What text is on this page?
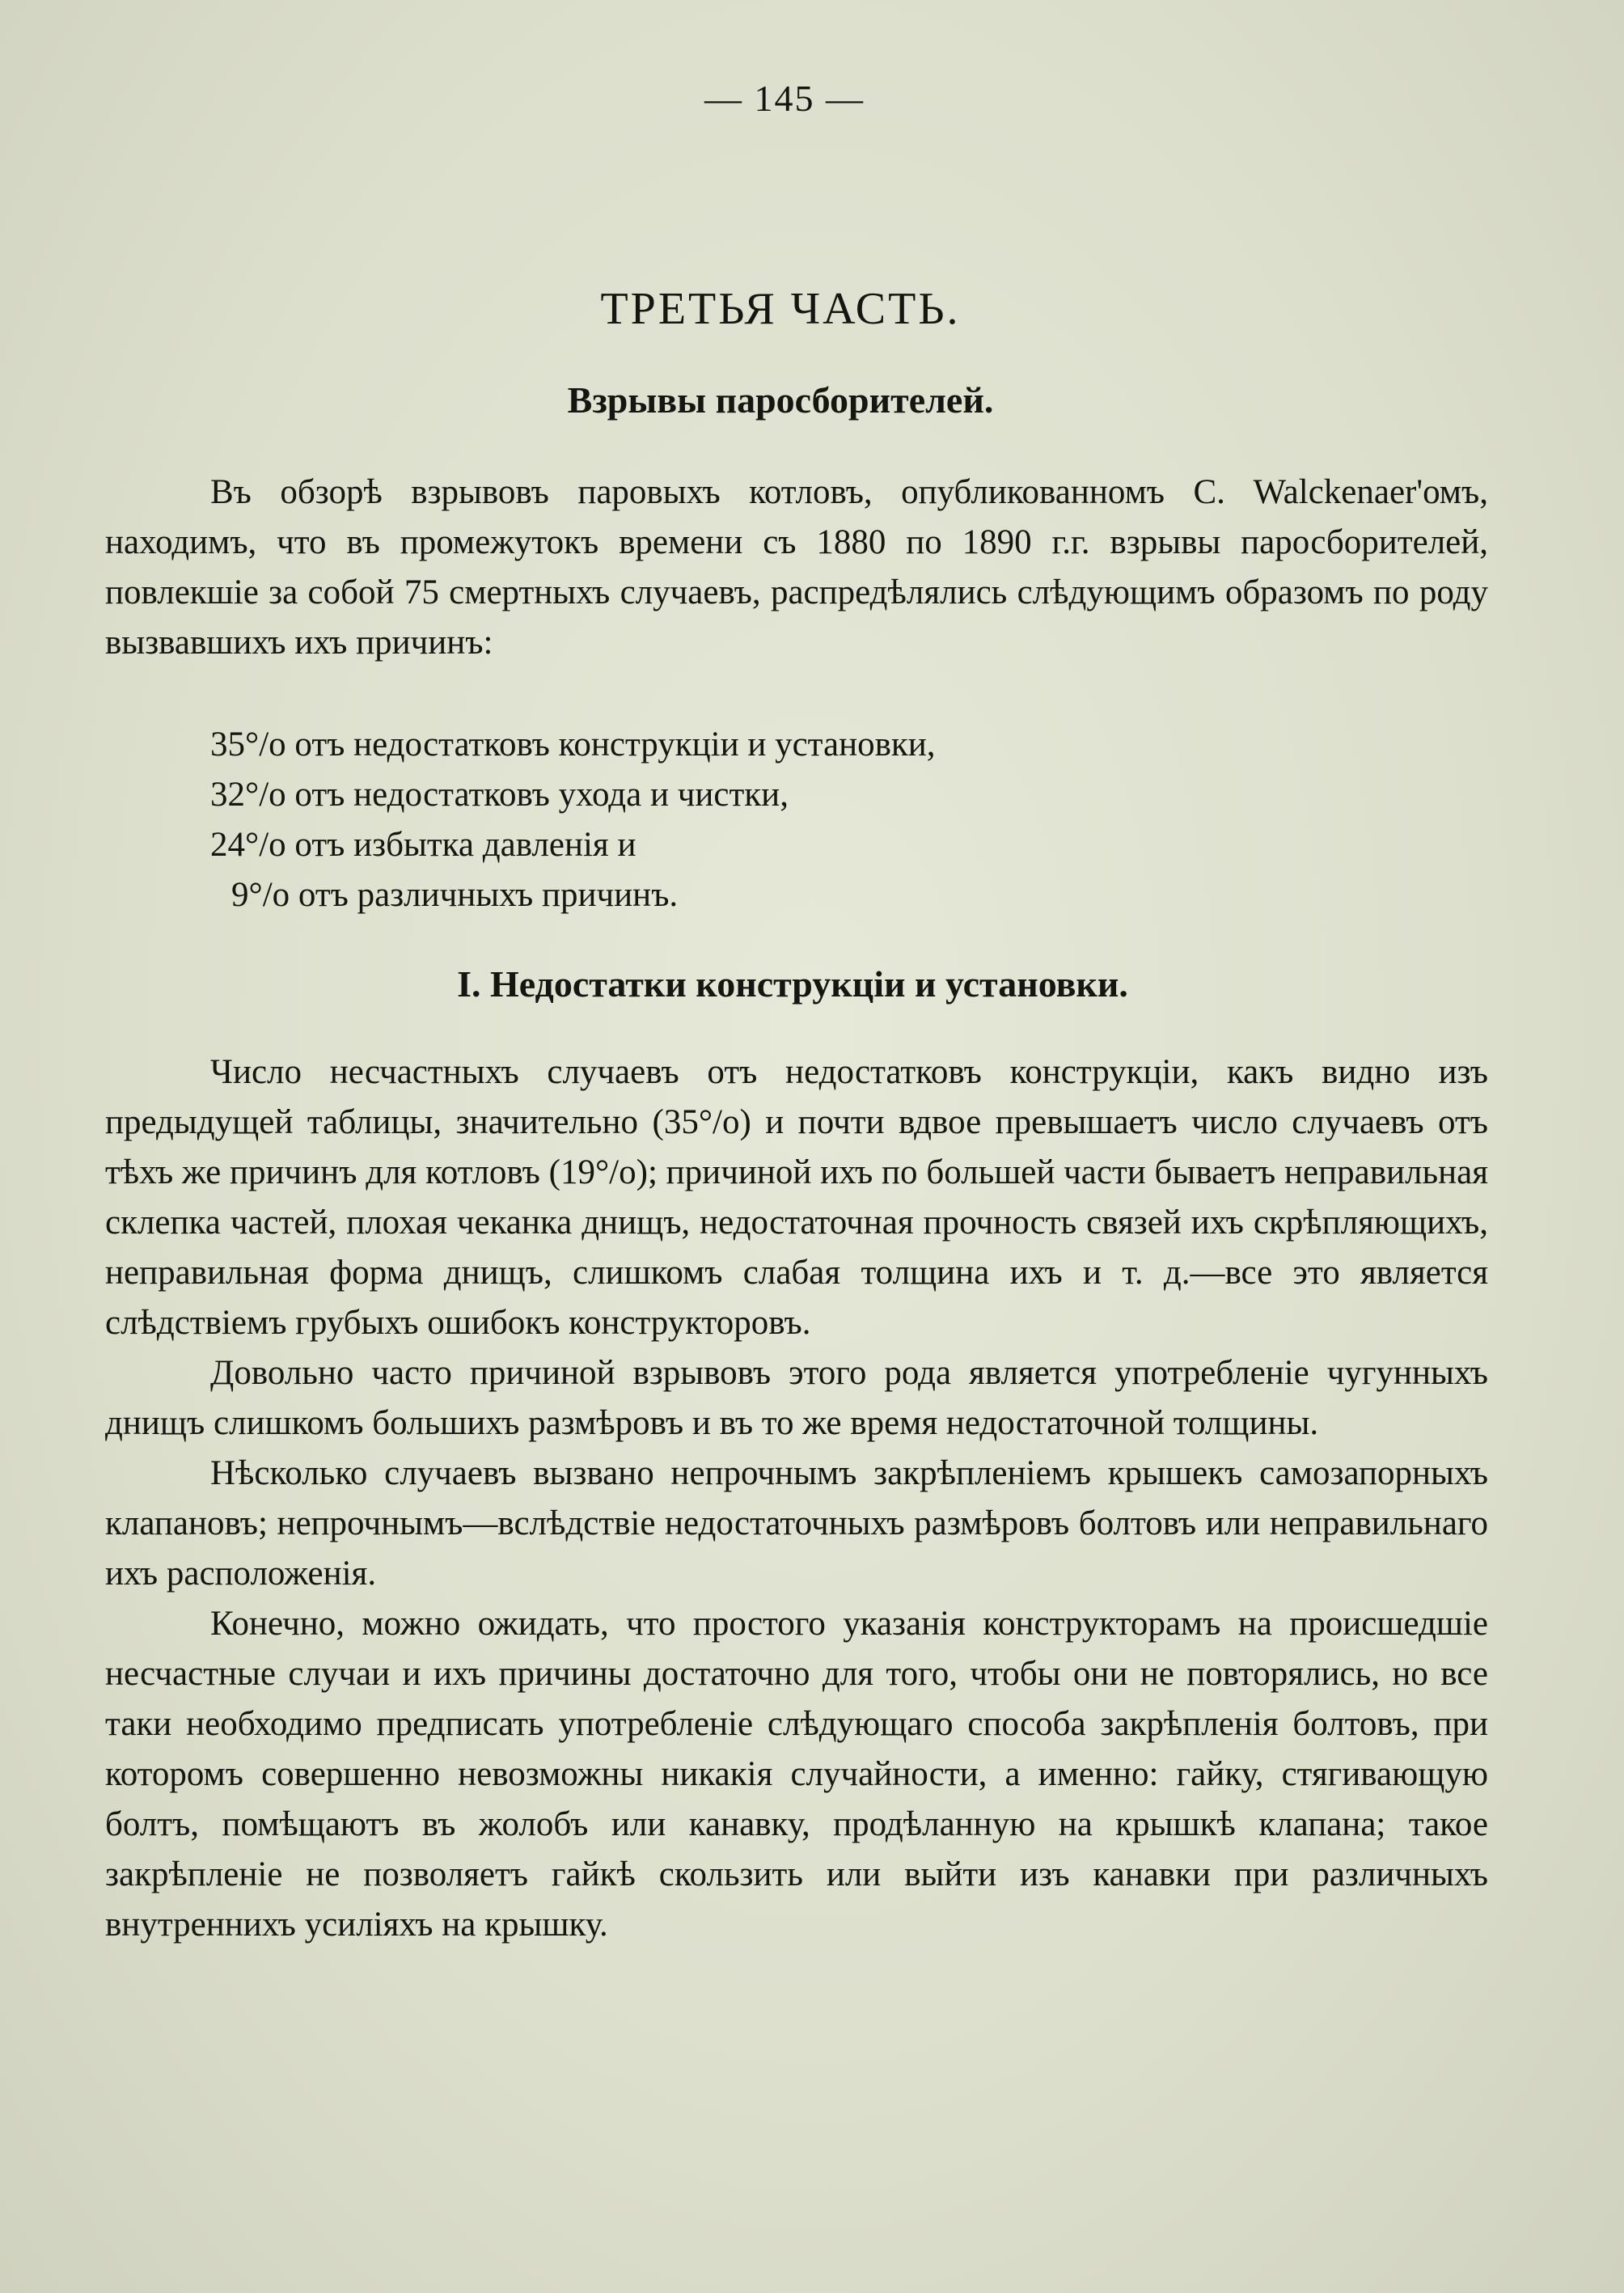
— 145 —
ТРЕТЬЯ ЧАСТЬ.
Взрывы паросборителей.

Въ обзорѣ взрывовъ паровыхъ котловъ, опубликованномъ C. Walckenaer'омъ, находимъ, что въ промежутокъ времени съ 1880 по 1890 г.г. взрывы паросборителей, повлекшіе за собой 75 смертныхъ случаевъ, распредѣлялись слѣдующимъ образомъ по роду вызвавшихъ ихъ причинъ:

35°/o отъ недостатковъ конструкціи и установки,
32°/o отъ недостатковъ ухода и чистки,
24°/o отъ избытка давленія и
9°/o отъ различныхъ причинъ.
I. Недостатки конструкціи и установки.

Число несчастныхъ случаевъ отъ недостатковъ конструкціи, какъ видно изъ предыдущей таблицы, значительно (35°/o) и почти вдвое превышаетъ число случаевъ отъ тѣхъ же причинъ для котловъ (19°/o); причиной ихъ по большей части бываетъ неправильная склепка частей, плохая чеканка днищъ, недостаточная прочность связей ихъ скрѣпляющихъ, неправильная форма днищъ, слишкомъ слабая толщина ихъ и т. д.—все это является слѣдствіемъ грубыхъ ошибокъ конструкторовъ.

Довольно часто причиной взрывовъ этого рода является употребленіе чугунныхъ днищъ слишкомъ большихъ размѣровъ и въ то же время недостаточной толщины.

Нѣсколько случаевъ вызвано непрочнымъ закрѣпленіемъ крышекъ самозапорныхъ клапановъ; непрочнымъ—вслѣдствіе недостаточныхъ размѣровъ болтовъ или неправильнаго ихъ расположенія.

Конечно, можно ожидать, что простого указанія конструкторамъ на происшедшіе несчастные случаи и ихъ причины достаточно для того, чтобы они не повторялись, но все таки необходимо предписать употребленіе слѣдующаго способа закрѣпленія болтовъ, при которомъ совершенно невозможны никакія случайности, а именно: гайку, стягивающую болтъ, помѣщаютъ въ жолобъ или канавку, продѣланную на крышкѣ клапана; такое закрѣпленіе не позволяетъ гайкѣ скользить или выйти изъ канавки при различныхъ внутреннихъ усиліяхъ на крышку.
